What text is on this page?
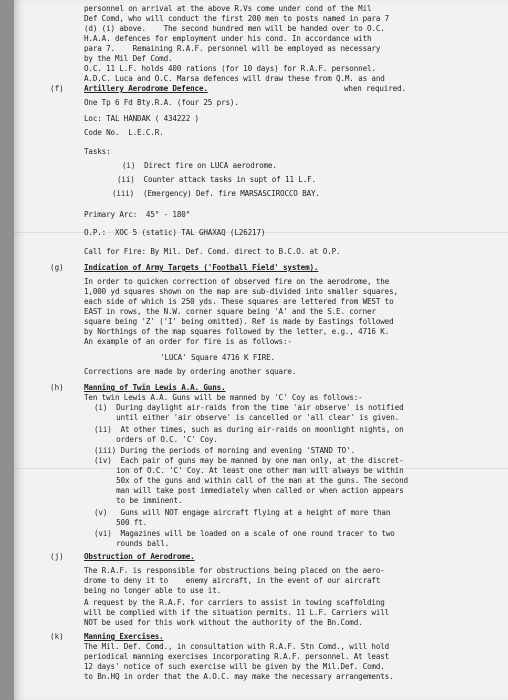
personnel on arrival at the above R.Vs come under cond of the Mil
Def Comd, who will conduct the first 200 men to posts named in para 7
(d) (i) above.    The second hundred men will be handed over to O.C.
H.A.A. defences for employment under his cond. In accordance with
para 7.    Remaining R.A.F. personnel will be employed as necessary
by the Mil Def Comd.
O.C. 11 L.F. holds 400 rations (for 10 days) for R.A.F. personnel.
A.D.C. Luca and O.C. Marsa defences will draw these from Q.M. as and
Artillery Aerodrome Defence.	when required.
One Tp 6 Fd Bty.R.A. (four 25 prs).
Loc: TAL HANDAK ( 434222 )
Code No.  L.E.C.R.
Tasks:
(i)  Direct fire on LUCA aerodrome.
(ii)  Counter attack tasks in supt of 11 L.F.
(iii)  (Emergency) Def. fire MARSASCIROCCO BAY.
Primary Arc:  45° - 180°
O.P.:  XOC 5 (static) TAL GHAXAQ (L26217)
Call for Fire: By Mil. Def. Comd. direct to B.C.O. at O.P.
Indication of Army Targets ('Football Field' system).
In order to quicken correction of observed fire on the aerodrome, the
1,000 yd squares shown on the map are sub-divided into smaller squares,
each side of which is 250 yds. These squares are lettered from WEST to
EAST in rows, the N.W. corner square being 'A' and the S.E. corner
square being 'Z' ('I' being omitted). Ref is made by Eastings followed
by Northings of the map squares followed by the letter, e.g., 4716 K.
An example of an order for fire is as follows:-
'LUCA' Square 4716 K FIRE.
Corrections are made by ordering another square.
Manning of Twin Lewis A.A. Guns.
Ten twin Lewis A.A. Guns will be manned by 'C' Coy as follows:-
(i)  During daylight air-raids from the time 'air observe' is notified
until either 'air observe' is cancelled or 'all clear' is given.
(ii)  At other times, such as during air-raids on moonlight nights, on
orders of O.C. 'C' Coy.
(iii) During the periods of morning and evening 'STAND TO'.
(iv)  Each pair of guns may be manned by one man only, at the discret-
ion of O.C. 'C' Coy. At least one other man will always be within
50x of the guns and within call of the man at the guns. The second
man will take post immediately when called or when action appears
to be imminent.
(v)   Guns will NOT engage aircraft flying at a height of more than
500 ft.
(vi)  Magazines will be loaded on a scale of one round tracer to two
rounds ball.
Obstruction of Aerodrome.
The R.A.F. is responsible for obstructions being placed on the aero-
drome to deny it to    enemy aircraft, in the event of our aircraft
being no longer able to use it.
A request by the R.A.F. for carriers to assist in towing scaffolding
will be complied with if the situation permits. 11 L.F. Carriers will
NOT be used for this work without the authority of the Bn.Comd.
Manning Exercises.
The Mil. Def. Comd., in consultation with R.A.F. Stn Comd., will hold
periodical manning exercises incorporating R.A.F. personnel. At least
12 days' notice of such exercise will be given by the Mil.Def. Comd.
to Bn.HQ in order that the A.O.C. may make the necessary arrangements.
(f)
(g)
(h)
(j)
(k)
